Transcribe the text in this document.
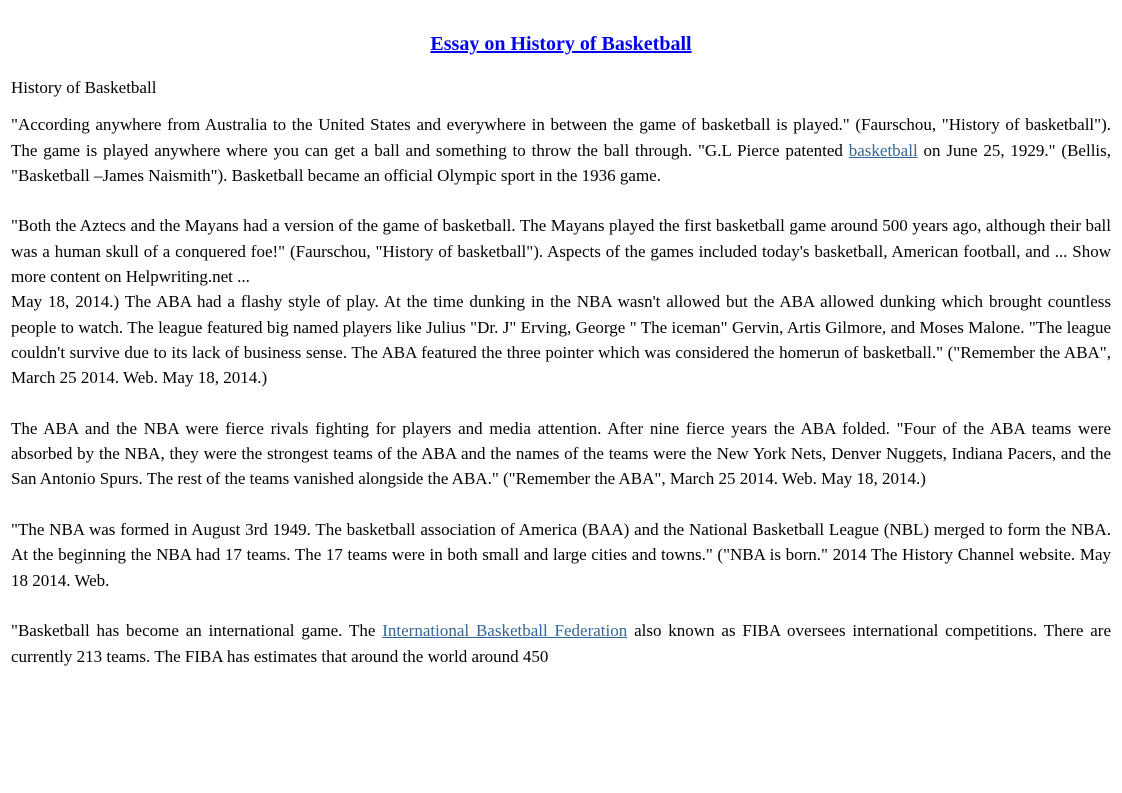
Essay on History of Basketball

History of Basketball

"According anywhere from Australia to the United States and everywhere in between the game of basketball is played." (Faurschou, "History of basketball"). The game is played anywhere where you can get a ball and something to throw the ball through. "G.L Pierce patented basketball on June 25, 1929." (Bellis, "Basketball –James Naismith"). Basketball became an official Olympic sport in the 1936 game.

"Both the Aztecs and the Mayans had a version of the game of basketball. The Mayans played the first basketball game around 500 years ago, although their ball was a human skull of a conquered foe!" (Faurschou, "History of basketball"). Aspects of the games included today's basketball, American football, and ... Show more content on Helpwriting.net ...

May 18, 2014.) The ABA had a flashy style of play. At the time dunking in the NBA wasn't allowed but the ABA allowed dunking which brought countless people to watch. The league featured big named players like Julius "Dr. J" Erving, George " The iceman" Gervin, Artis Gilmore, and Moses Malone. "The league couldn't survive due to its lack of business sense. The ABA featured the three pointer which was considered the homerun of basketball." ("Remember the ABA", March 25 2014. Web. May 18, 2014.)

The ABA and the NBA were fierce rivals fighting for players and media attention. After nine fierce years the ABA folded. "Four of the ABA teams were absorbed by the NBA, they were the strongest teams of the ABA and the names of the teams were the New York Nets, Denver Nuggets, Indiana Pacers, and the San Antonio Spurs. The rest of the teams vanished alongside the ABA." ("Remember the ABA", March 25 2014. Web. May 18, 2014.)

"The NBA was formed in August 3rd 1949. The basketball association of America (BAA) and the National Basketball League (NBL) merged to form the NBA. At the beginning the NBA had 17 teams. The 17 teams were in both small and large cities and towns." ("NBA is born." 2014 The History Channel website. May 18 2014. Web.

"Basketball has become an international game. The International Basketball Federation also known as FIBA oversees international competitions. There are currently 213 teams. The FIBA has estimates that around the world around 450
